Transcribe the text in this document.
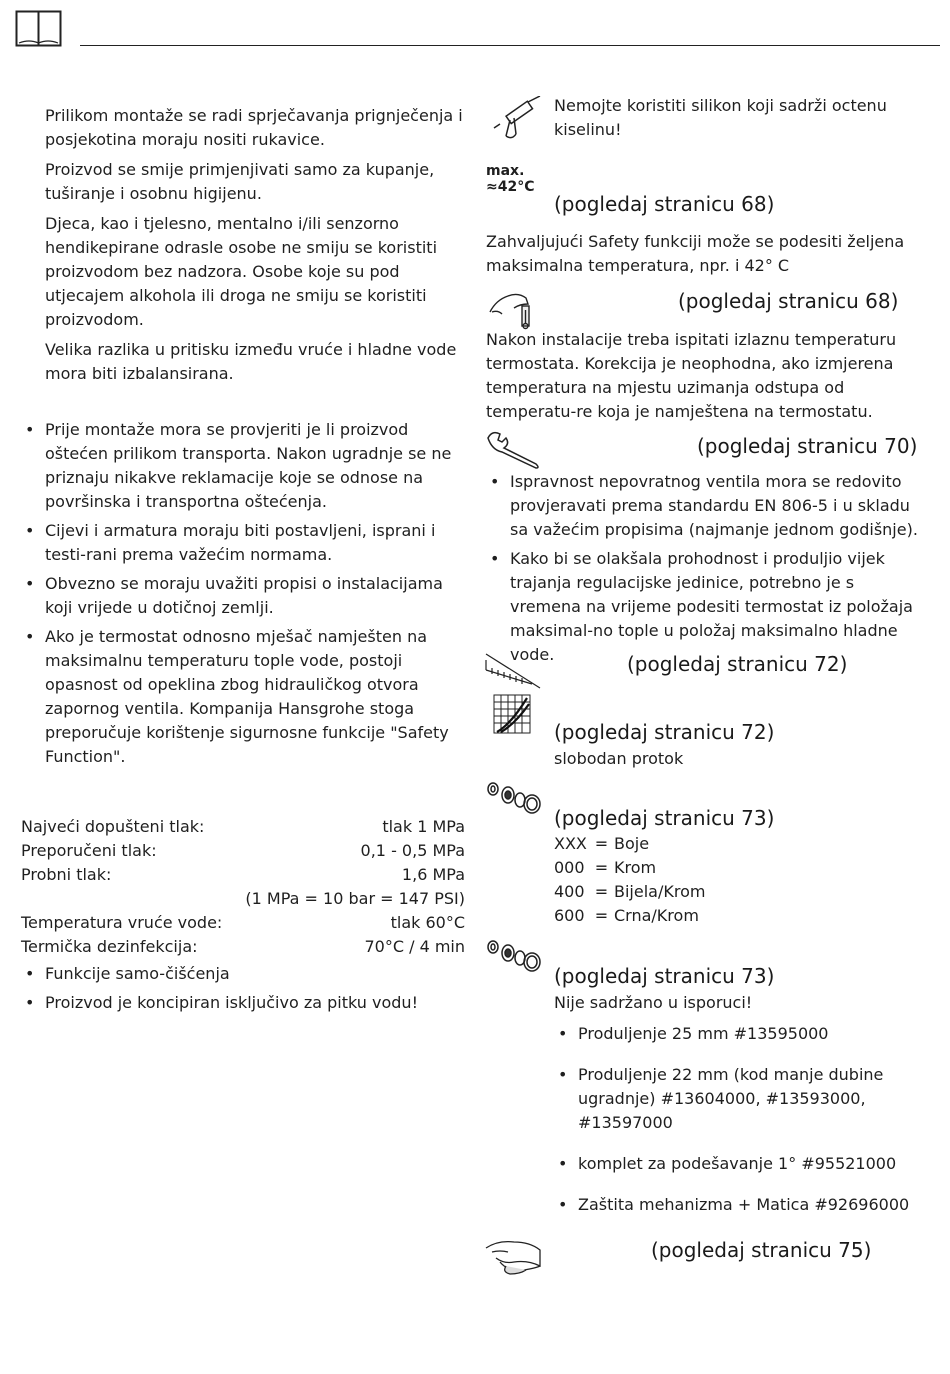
Prilikom montaže se radi sprječavanja prignječenja i posjekotina moraju nositi rukavice.

Proizvod se smije primjenjivati samo za kupanje, tuširanje i osobnu higijenu.

Djeca, kao i tjelesno, mentalno i/ili senzorno hendikepirane odrasle osobe ne smiju se koristiti proizvodom bez nadzora. Osobe koje su pod utjecajem alkohola ili droga ne smiju se koristiti proizvodom.

Velika razlika u pritisku između vruće i hladne vode mora biti izbalansirana.

• Prije montaže mora se provjeriti je li proizvod oštećen prilikom transporta. Nakon ugradnje se ne priznaju nikakve reklamacije koje se odnose na površinska i transportna oštećenja.
• Cijevi i armatura moraju biti postavljeni, isprani i testi-rani prema važećim normama.
• Obvezno se moraju uvažiti propisi o instalacijama koji vrijede u dotičnoj zemlji.
• Ako je termostat odnosno mješač namješten na maksimalnu temperaturu tople vode, postoji opasnost od opeklina zbog hidrauličkog otvora zapornog ventila. Kompanija Hansgrohe stoga preporučuje korištenje sigurnosne funkcije "Safety Function".
Najveći dopušteni tlak:	tlak 1 MPa
Preporučeni tlak:	0,1 - 0,5 MPa
Probni tlak:	1,6 MPa
(1 MPa = 10 bar = 147 PSI)
Temperatura vruće vode:	tlak 60°C
Termička dezinfekcija:	70°C / 4 min
• Funkcije samo-čišćenja
• Proizvod je koncipiran isključivo za pitku vodu!
Nemojte koristiti silikon koji sadrži octenu kiselinu!
max.
≈42°C
(pogledaj stranicu 68)
Zahvaljujući Safety funkciji može se podesiti željena maksimalna temperatura, npr. i 42° C
(pogledaj stranicu 68)
Nakon instalacije treba ispitati izlaznu temperaturu termostata. Korekcija je neophodna, ako izmjerena temperatura na mjestu uzimanja odstupa od temperatu-re koja je namještena na termostatu.
(pogledaj stranicu 70)
• Ispravnost nepovratnog ventila mora se redovito provjeravati prema standardu EN 806-5 i u skladu sa važećim propisima (najmanje jednom godišnje).
• Kako bi se olakšala prohodnost i produljio vijek trajanja regulacijske jedinice, potrebno je s vremena na vrijeme podesiti termostat iz položaja maksimal-no tople u položaj maksimalno hladne vode.	(pogledaj stranicu 72)
(pogledaj stranicu 72)
slobodan protok
(pogledaj stranicu 73)
XXX = Boje
000 = Krom
400 = Bijela/Krom
600 = Crna/Krom
(pogledaj stranicu 73)
Nije sadržano u isporuci!
• Produljenje 25 mm #13595000
• Produljenje 22 mm (kod manje dubine ugradnje) #13604000, #13593000, #13597000
• komplet za podešavanje 1° #95521000
• Zaštita mehanizma + Matica #92696000
(pogledaj stranicu 75)
